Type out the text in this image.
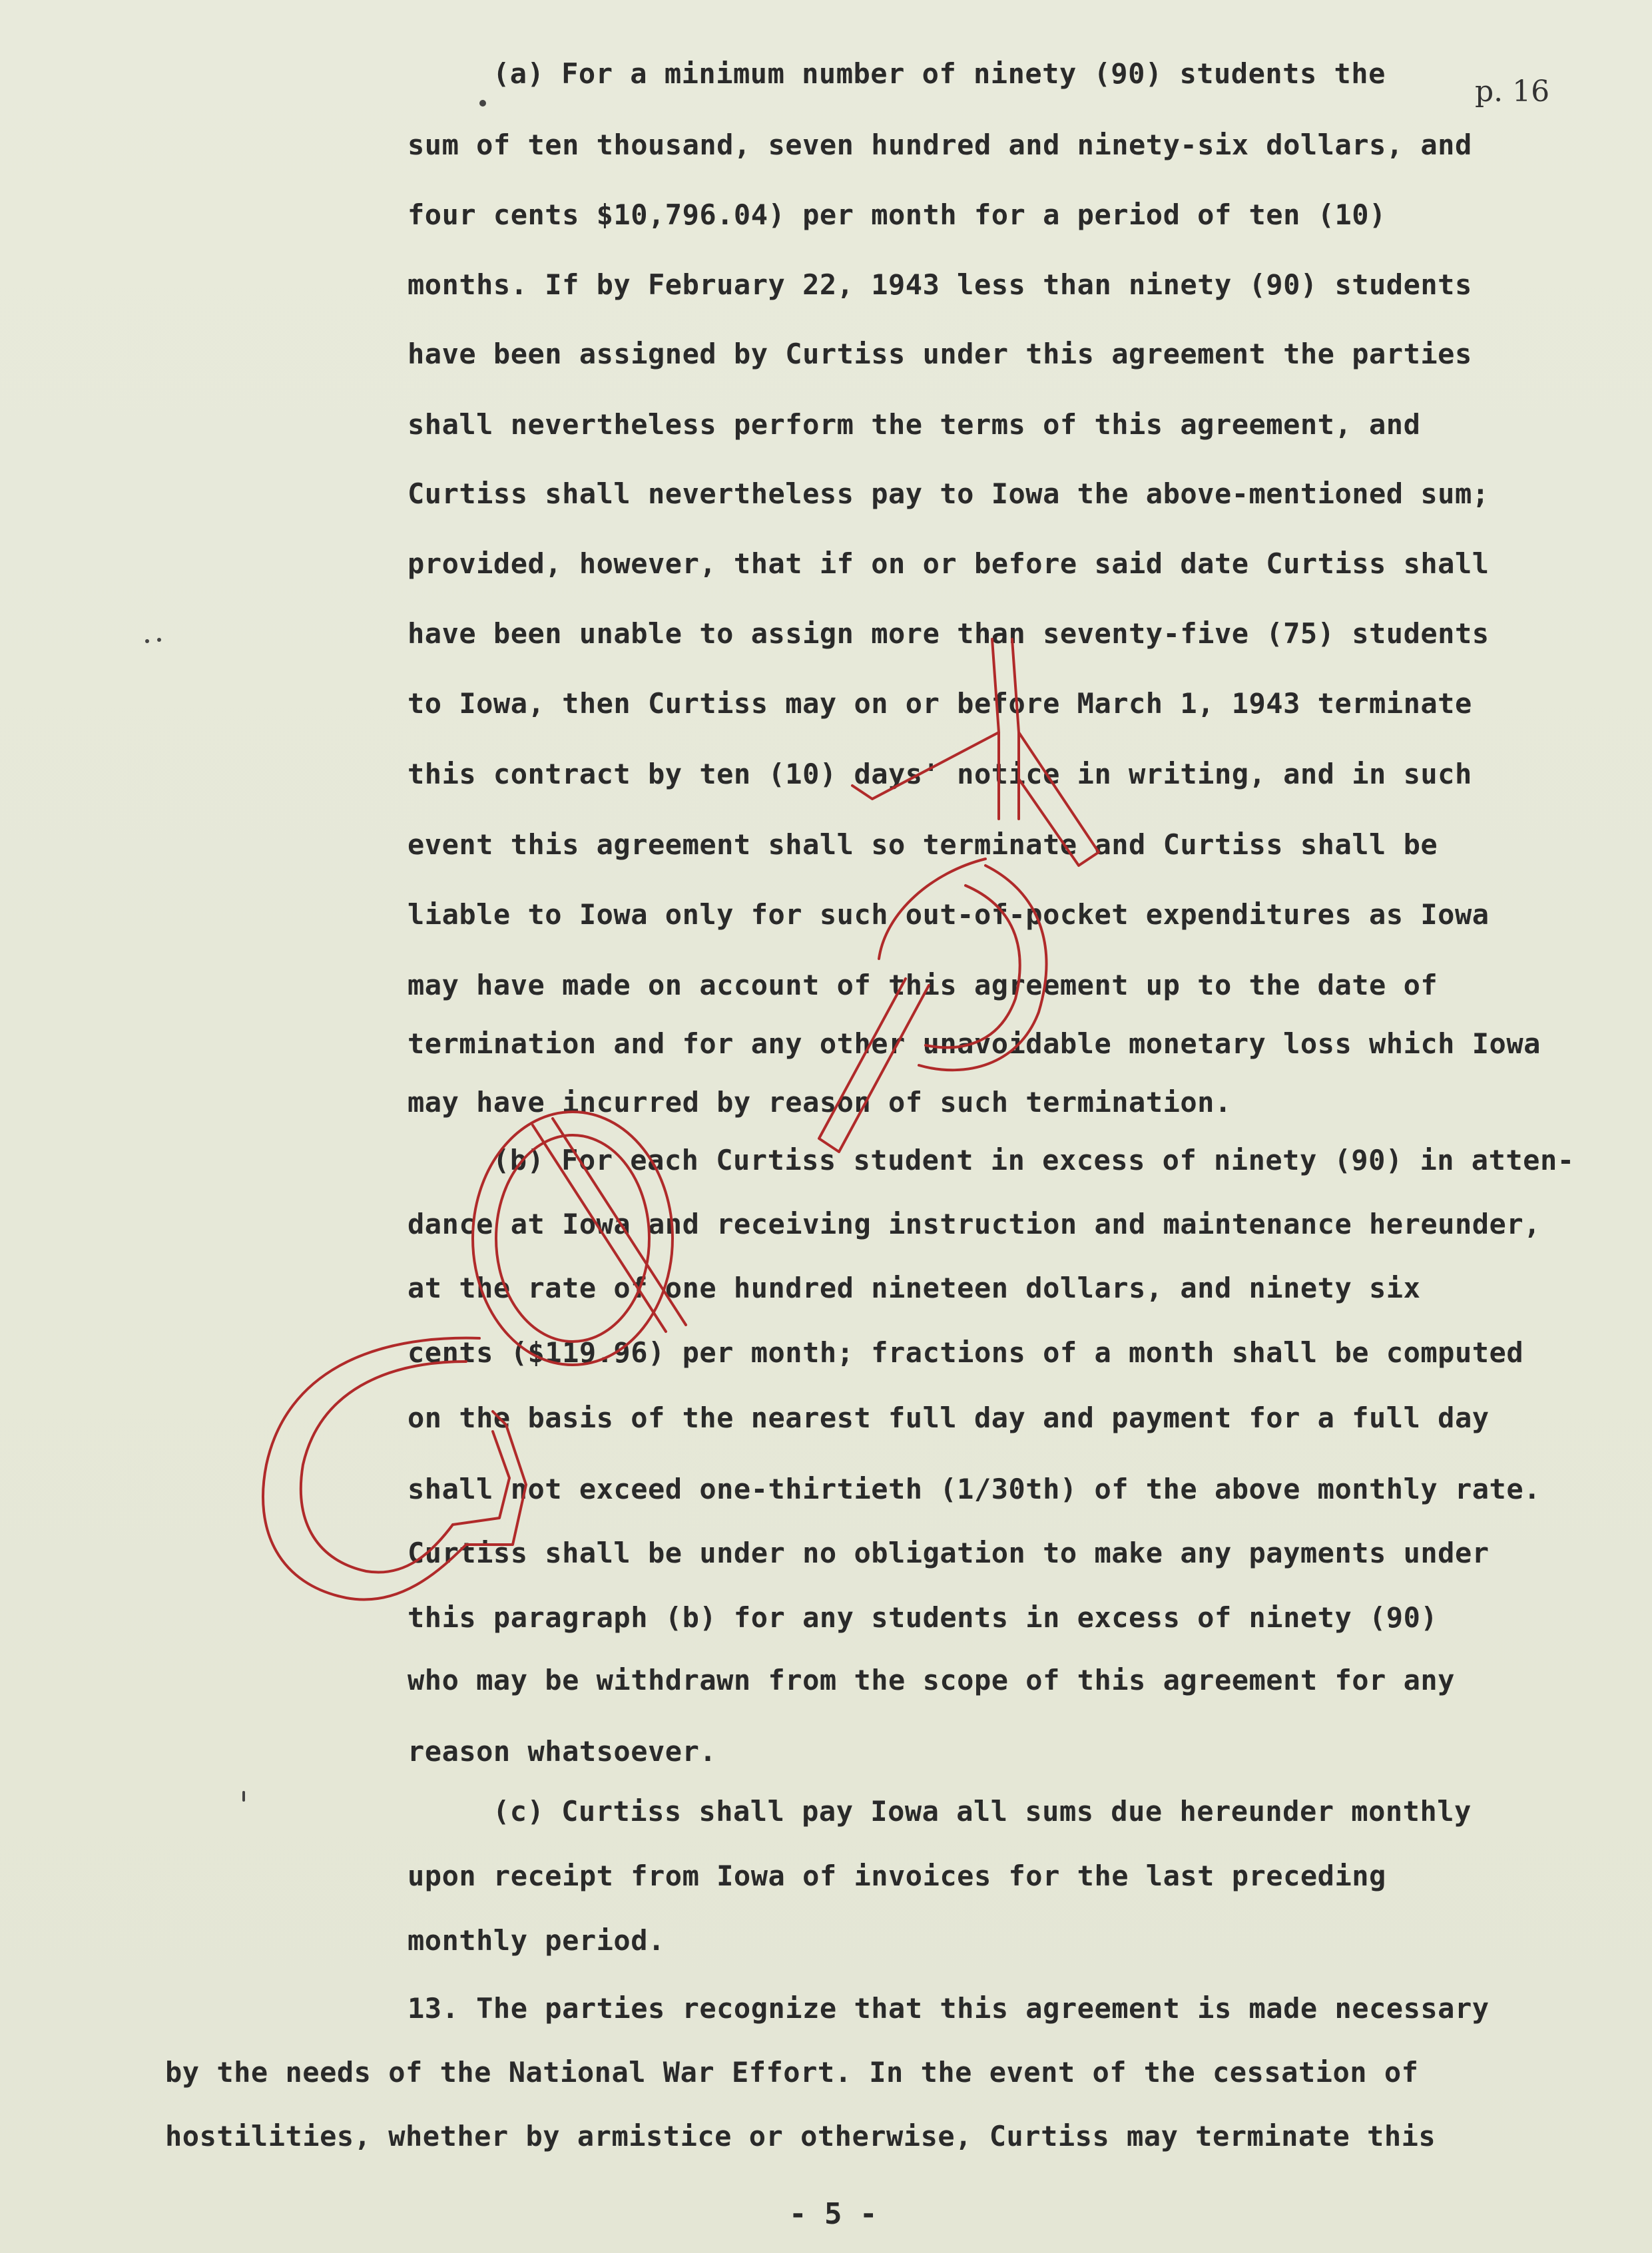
p. 16
(a) For a minimum number of ninety (90) students the
sum of ten thousand, seven hundred and ninety-six dollars, and
four cents $10,796.04) per month for a period of ten (10)
months. If by February 22, 1943 less than ninety (90) students
have been assigned by Curtiss under this agreement the parties
shall nevertheless perform the terms of this agreement, and
Curtiss shall nevertheless pay to Iowa the above-mentioned sum;
provided, however, that if on or before said date Curtiss shall
have been unable to assign more than seventy-five (75) students
to Iowa, then Curtiss may on or before March 1, 1943 terminate
this contract by ten (10) days' notice in writing, and in such
event this agreement shall so terminate and Curtiss shall be
liable to Iowa only for such out-of-pocket expenditures as Iowa
may have made on account of this agreement up to the date of
termination and for any other unavoidable monetary loss which Iowa
may have incurred by reason of such termination.
(b) For each Curtiss student in excess of ninety (90) in atten-
dance at Iowa and receiving instruction and maintenance hereunder,
at the rate of one hundred nineteen dollars, and ninety six
cents ($119.96) per month; fractions of a month shall be computed
on the basis of the nearest full day and payment for a full day
shall not exceed one-thirtieth (1/30th) of the above monthly rate.
Curtiss shall be under no obligation to make any payments under
this paragraph (b) for any students in excess of ninety (90)
who may be withdrawn from the scope of this agreement for any
reason whatsoever.
(c) Curtiss shall pay Iowa all sums due hereunder monthly
upon receipt from Iowa of invoices for the last preceding
monthly period.
13. The parties recognize that this agreement is made necessary
by the needs of the National War Effort. In the event of the cessation of
hostilities, whether by armistice or otherwise, Curtiss may terminate this
- 5 -
